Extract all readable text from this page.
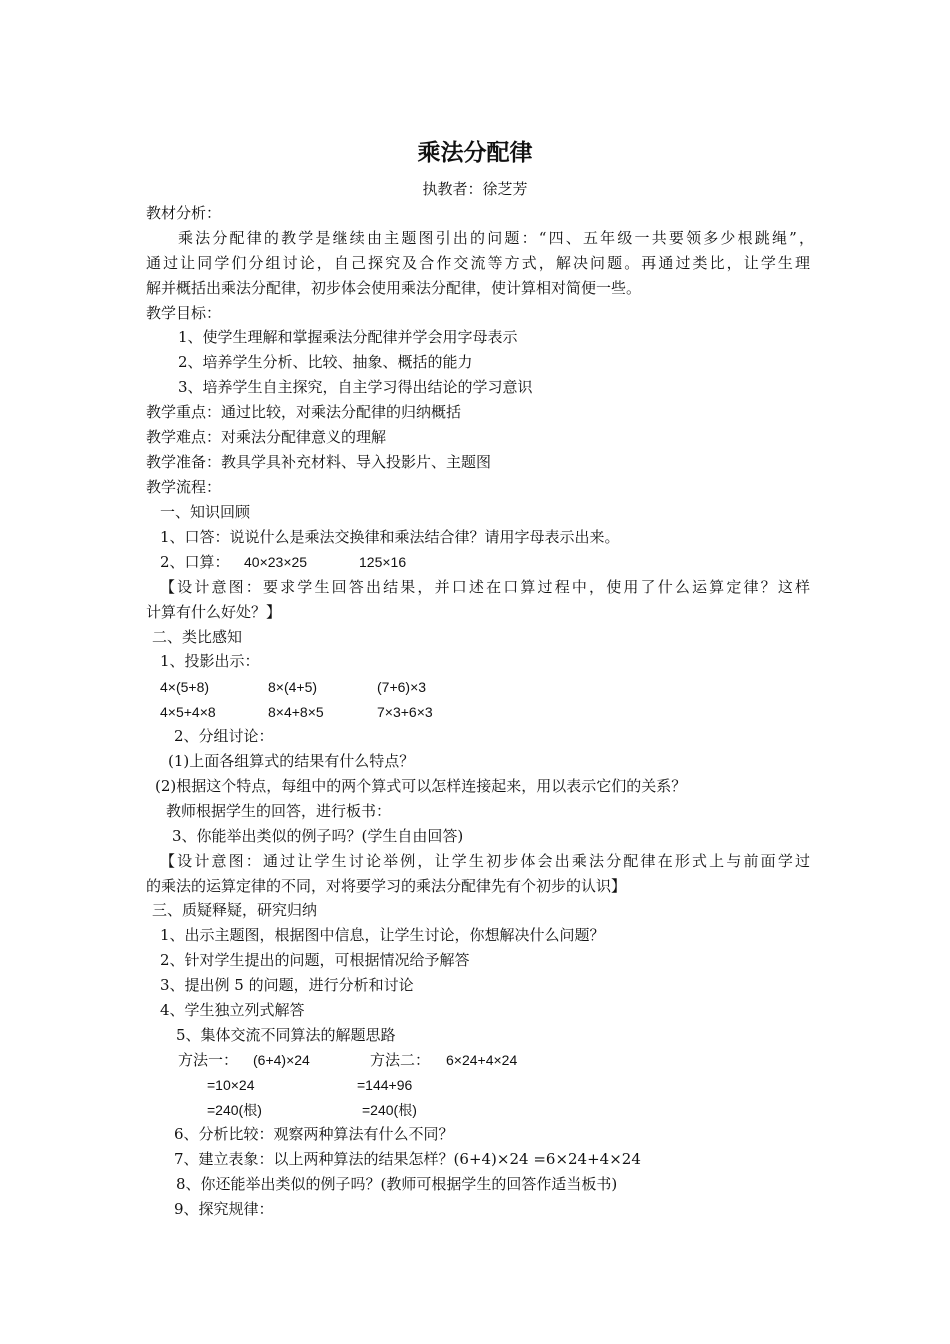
乘法分配律
执教者：徐芝芳
教材分析：
乘法分配律的教学是继续由主题图引出的问题：“四、五年级一共要领多少根跳绳”，
通过让同学们分组讨论，自己探究及合作交流等方式，解决问题。再通过类比，让学生理
解并概括出乘法分配律，初步体会使用乘法分配律，使计算相对简便一些。
教学目标：
1、使学生理解和掌握乘法分配律并学会用字母表示
2、培养学生分析、比较、抽象、概括的能力
3、培养学生自主探究，自主学习得出结论的学习意识
教学重点：通过比较，对乘法分配律的归纳概括
教学难点：对乘法分配律意义的理解
教学准备：教具学具补充材料、导入投影片、主题图
教学流程：
一、知识回顾
1、口答：说说什么是乘法交换律和乘法结合律？请用字母表示出来。
2、口算： 40×23×25	125×16
【设计意图：要求学生回答出结果，并口述在口算过程中，使用了什么运算定律？这样
计算有什么好处？】
二、类比感知
1、投影出示：
4×(5+8)	8×(4+5)	(7+6)×3
4×5+4×8	8×4+8×5	7×3+6×3
2、分组讨论：
(1)上面各组算式的结果有什么特点？
(2)根据这个特点，每组中的两个算式可以怎样连接起来，用以表示它们的关系？
教师根据学生的回答，进行板书：
3、你能举出类似的例子吗？(学生自由回答)
【设计意图：通过让学生讨论举例，让学生初步体会出乘法分配律在形式上与前面学过
的乘法的运算定律的不同，对将要学习的乘法分配律先有个初步的认识】
三、质疑释疑，研究归纳
1、出示主题图，根据图中信息，让学生讨论，你想解决什么问题？
2、针对学生提出的问题，可根据情况给予解答
3、提出例 5 的问题，进行分析和讨论
4、学生独立列式解答
5、集体交流不同算法的解题思路
方法一： (6+4)×24	方法二： 6×24+4×24
=10×24	=144+96
=240(根)	=240(根)
6、分析比较：观察两种算法有什么不同？
7、建立表象：以上两种算法的结果怎样？(6+4)×24 =6×24+4×24
8、你还能举出类似的例子吗？(教师可根据学生的回答作适当板书)
9、探究规律：
